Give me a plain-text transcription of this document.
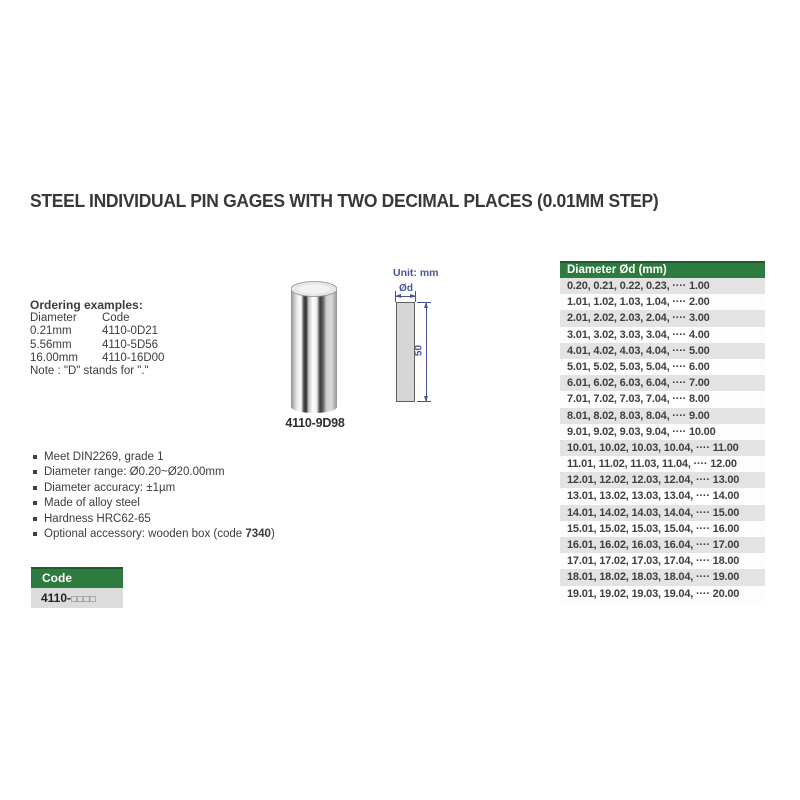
STEEL INDIVIDUAL PIN GAGES WITH TWO DECIMAL PLACES (0.01MM STEP)
Ordering examples:
Diameter	Code
0.21mm	4110-0D21
5.56mm	4110-5D56
16.00mm	4110-16D00
Note : "D" stands for "."
4110-9D98
Unit: mm
Ød
50
Meet DIN2269, grade 1
Diameter range: Ø0.20~Ø20.00mm
Diameter accuracy: ±1µm
Made of alloy steel
Hardness HRC62-65
Optional accessory: wooden box (code 7340)
Code
4110-□□□□
Diameter Ød (mm)
0.20, 0.21, 0.22, 0.23, ···· 1.00
1.01, 1.02, 1.03, 1.04, ···· 2.00
2.01, 2.02, 2.03, 2.04, ···· 3.00
3.01, 3.02, 3.03, 3.04, ···· 4.00
4.01, 4.02, 4.03, 4.04, ···· 5.00
5.01, 5.02, 5.03, 5.04, ···· 6.00
6.01, 6.02, 6.03, 6.04, ···· 7.00
7.01, 7.02, 7.03, 7.04, ···· 8.00
8.01, 8.02, 8.03, 8.04, ···· 9.00
9.01, 9.02, 9.03, 9.04, ···· 10.00
10.01, 10.02, 10.03, 10.04, ···· 11.00
11.01, 11.02, 11.03, 11.04, ···· 12.00
12.01, 12.02, 12.03, 12.04, ···· 13.00
13.01, 13.02, 13.03, 13.04, ···· 14.00
14.01, 14.02, 14.03, 14.04, ···· 15.00
15.01, 15.02, 15.03, 15.04, ···· 16.00
16.01, 16.02, 16.03, 16.04, ···· 17.00
17.01, 17.02, 17.03, 17.04, ···· 18.00
18.01, 18.02, 18.03, 18.04, ···· 19.00
19.01, 19.02, 19.03, 19.04, ···· 20.00
